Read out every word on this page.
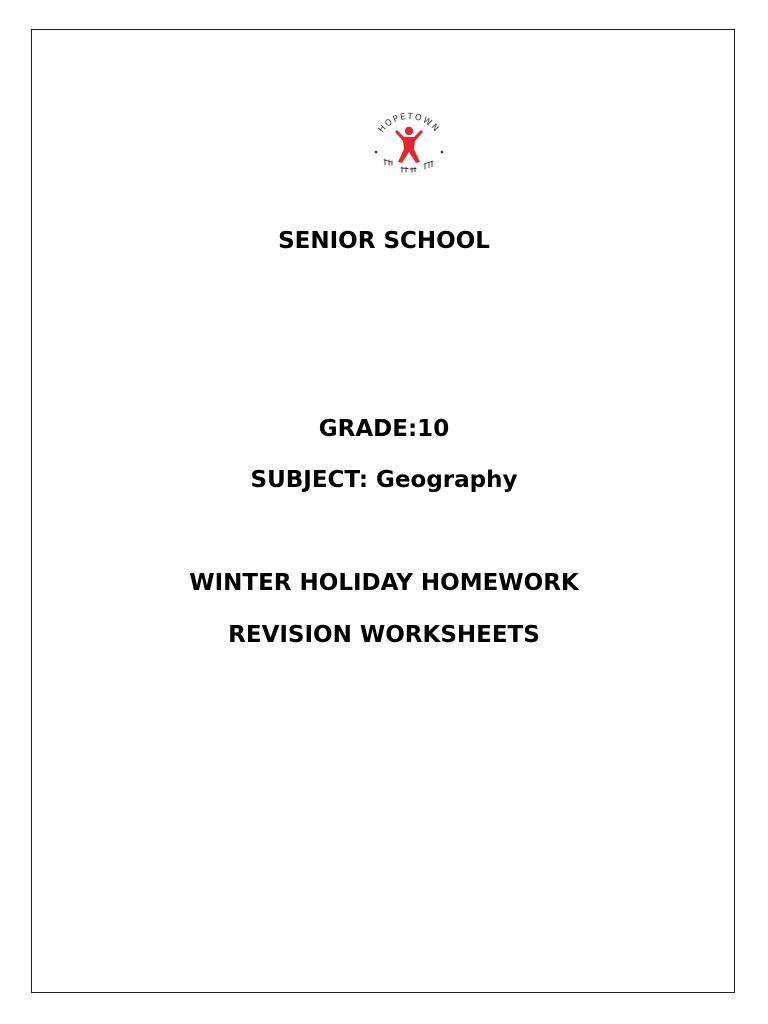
HOPETOWN
SENIOR SCHOOL
GRADE:10
SUBJECT: Geography
WINTER HOLIDAY HOMEWORK
REVISION WORKSHEETS
